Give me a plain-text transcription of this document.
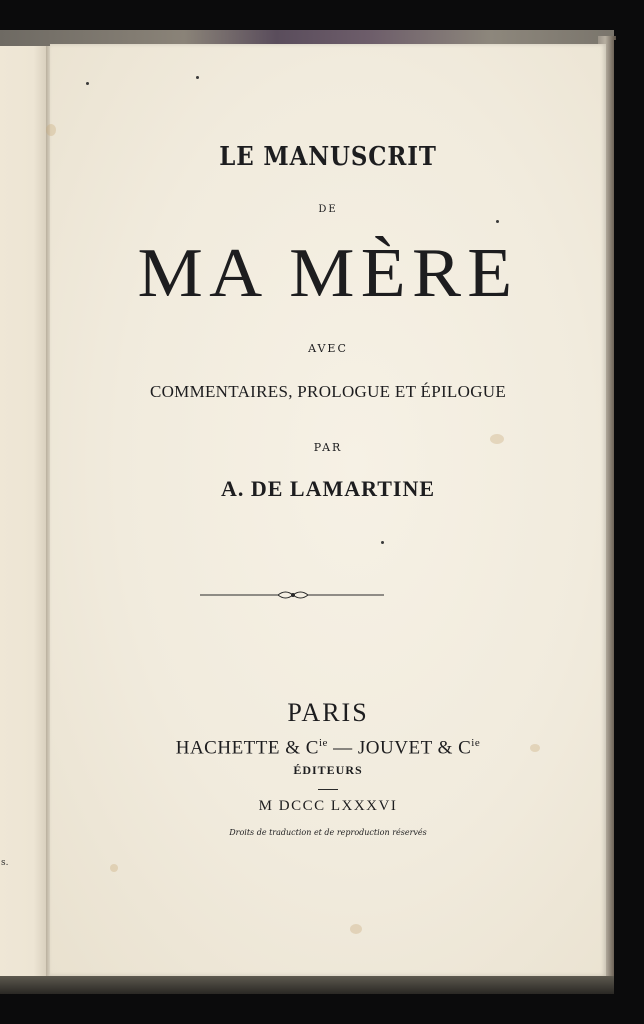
s.

LE MANUSCRIT

DE

MA MÈRE

AVEC

COMMENTAIRES, PROLOGUE ET ÉPILOGUE

PAR

A. DE LAMARTINE

PARIS

HACHETTE & $C^{ie}$ — JOUVET & $C^{ie}$

ÉDITEURS

M DCCC LXXXVI

Droits de traduction et de reproduction réservés
